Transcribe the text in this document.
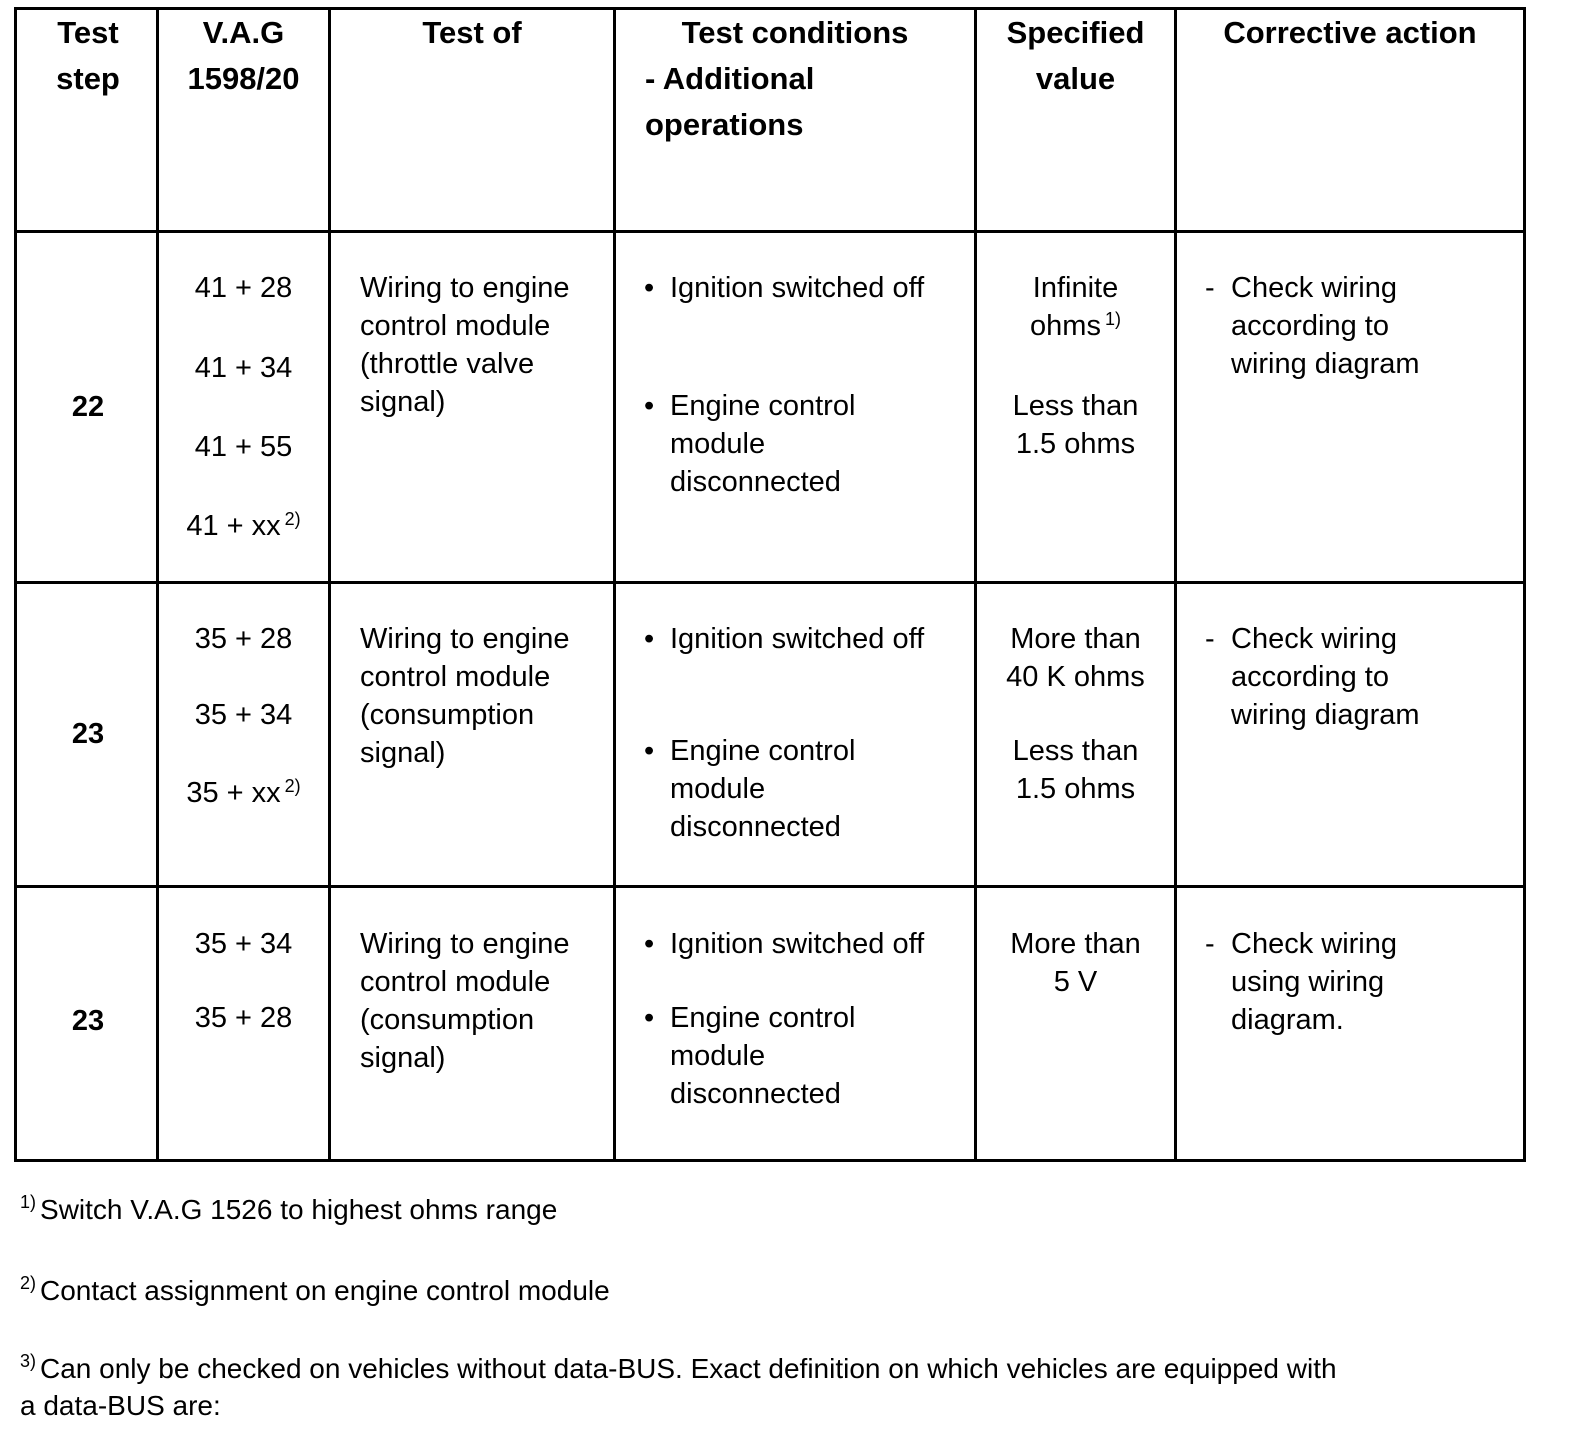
Test
step
V.A.G
1598/20
Test of	Test conditions
- Additional
operations
Specified
value
Corrective action
22
41 + 28
41 + 34
41 + 55
41 + xx $^{2)}$
Wiring to engine
control module
(throttle valve
signal)
• Ignition switched off
• Engine control
module
disconnected
Infinite
ohms $^{1)}$
Less than
1.5 ohms
- Check wiring
according to
wiring diagram
23
35 + 28
35 + 34
35 + xx $^{2)}$
Wiring to engine
control module
(consumption
signal)
• Ignition switched off
• Engine control
module
disconnected
More than
40 K ohms
Less than
1.5 ohms
- Check wiring
according to
wiring diagram
23
35 + 34
35 + 28
Wiring to engine
control module
(consumption
signal)
• Ignition switched off
• Engine control
module
disconnected
More than
5 V
- Check wiring
using wiring
diagram.
$^{1)}$ Switch V.A.G 1526 to highest ohms range
$^{2)}$ Contact assignment on engine control module
$^{3)}$ Can only be checked on vehicles without data-BUS. Exact definition on which vehicles are equipped with
a data-BUS are:
